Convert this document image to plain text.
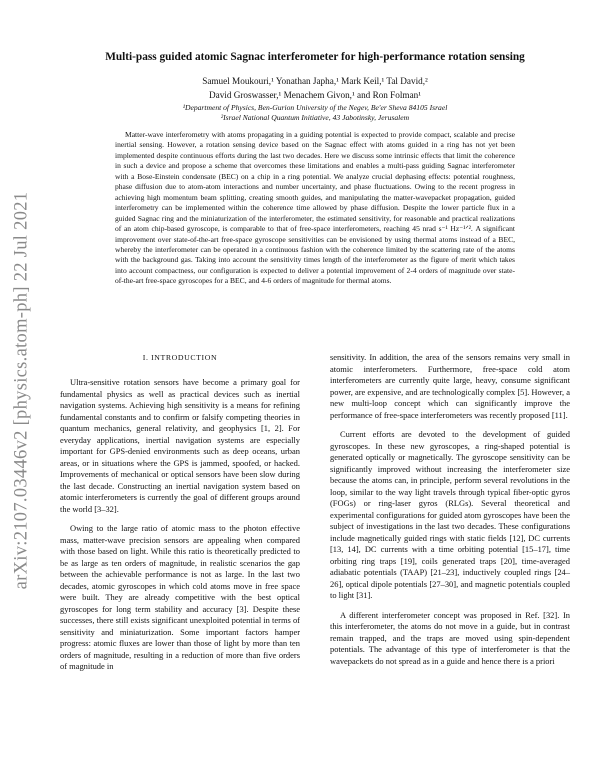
arXiv:2107.03446v2 [physics.atom-ph] 22 Jul 2021
Multi-pass guided atomic Sagnac interferometer for high-performance rotation sensing
Samuel Moukouri,¹ Yonathan Japha,¹ Mark Keil,¹ Tal David,²
David Groswasser,¹ Menachem Givon,¹ and Ron Folman¹
¹Department of Physics, Ben-Gurion University of the Negev, Be'er Sheva 84105 Israel
²Israel National Quantum Initiative, 43 Jabotinsky, Jerusalem
Matter-wave interferometry with atoms propagating in a guiding potential is expected to provide compact, scalable and precise inertial sensing. However, a rotation sensing device based on the Sagnac effect with atoms guided in a ring has not yet been implemented despite continuous efforts during the last two decades. Here we discuss some intrinsic effects that limit the coherence in such a device and propose a scheme that overcomes these limitations and enables a multi-pass guiding Sagnac interferometer with a Bose-Einstein condensate (BEC) on a chip in a ring potential. We analyze crucial dephasing effects: potential roughness, phase diffusion due to atom-atom interactions and number uncertainty, and phase fluctuations. Owing to the recent progress in achieving high momentum beam splitting, creating smooth guides, and manipulating the matter-wavepacket propagation, guided interferometry can be implemented within the coherence time allowed by phase diffusion. Despite the lower particle flux in a guided Sagnac ring and the miniaturization of the interferometer, the estimated sensitivity, for reasonable and practical realizations of an atom chip-based gyroscope, is comparable to that of free-space interferometers, reaching 45 nrad s⁻¹ Hz⁻¹ᐟ². A significant improvement over state-of-the-art free-space gyroscope sensitivities can be envisioned by using thermal atoms instead of a BEC, whereby the interferometer can be operated in a continuous fashion with the coherence limited by the scattering rate of the atoms with the background gas. Taking into account the sensitivity times length of the interferometer as the figure of merit which takes into account compactness, our configuration is expected to deliver a potential improvement of 2-4 orders of magnitude over state-of-the-art free-space gyroscopes for a BEC, and 4-6 orders of magnitude for thermal atoms.
I. INTRODUCTION

Ultra-sensitive rotation sensors have become a primary goal for fundamental physics as well as practical devices such as inertial navigation systems. Achieving high sensitivity is a means for refining fundamental constants and to confirm or falsify competing theories in quantum mechanics, general relativity, and geophysics [1, 2]. For everyday applications, inertial navigation systems are especially important for GPS-denied environments such as deep oceans, urban areas, or in situations where the GPS is jammed, spoofed, or hacked. Improvements of mechanical or optical sensors have been slow during the last decade. Constructing an inertial navigation system based on atomic interferometers is currently the goal of different groups around the world [3–32].

Owing to the large ratio of atomic mass to the photon effective mass, matter-wave precision sensors are appealing when compared with those based on light. While this ratio is theoretically predicted to be as large as ten orders of magnitude, in realistic scenarios the gap between the achievable performance is not as large. In the last two decades, atomic gyroscopes in which cold atoms move in free space were built. They are already competitive with the best optical gyroscopes for long term stability and accuracy [3]. Despite these successes, there still exists significant unexploited potential in terms of sensitivity and miniaturization. Some important factors hamper progress: atomic fluxes are lower than those of light by more than ten orders of magnitude, resulting in a reduction of more than five orders of magnitude in

sensitivity. In addition, the area of the sensors remains very small in atomic interferometers. Furthermore, free-space cold atom interferometers are currently quite large, heavy, consume significant power, are expensive, and are technologically complex [5]. However, a new multi-loop concept which can significantly improve the performance of free-space interferometers was recently proposed [11].

Current efforts are devoted to the development of guided gyroscopes. In these new gyroscopes, a ring-shaped potential is generated optically or magnetically. The gyroscope sensitivity can be significantly improved without increasing the interferometer size because the atoms can, in principle, perform several revolutions in the loop, similar to the way light travels through typical fiber-optic gyros (FOGs) or ring-laser gyros (RLGs). Several theoretical and experimental configurations for guided atom gyroscopes have been the subject of investigations in the last two decades. These configurations include magnetically guided rings with static fields [12], DC currents [13, 14], DC currents with a time orbiting potential [15–17], time orbiting ring traps [19], coils generated traps [20], time-averaged adiabatic potentials (TAAP) [21–23], inductively coupled rings [24–26], optical dipole potentials [27–30], and magnetic potentials coupled to light [31].

A different interferometer concept was proposed in Ref. [32]. In this interferometer, the atoms do not move in a guide, but in contrast remain trapped, and the traps are moved using spin-dependent potentials. The advantage of this type of interferometer is that the wavepackets do not spread as in a guide and hence there is a priori
